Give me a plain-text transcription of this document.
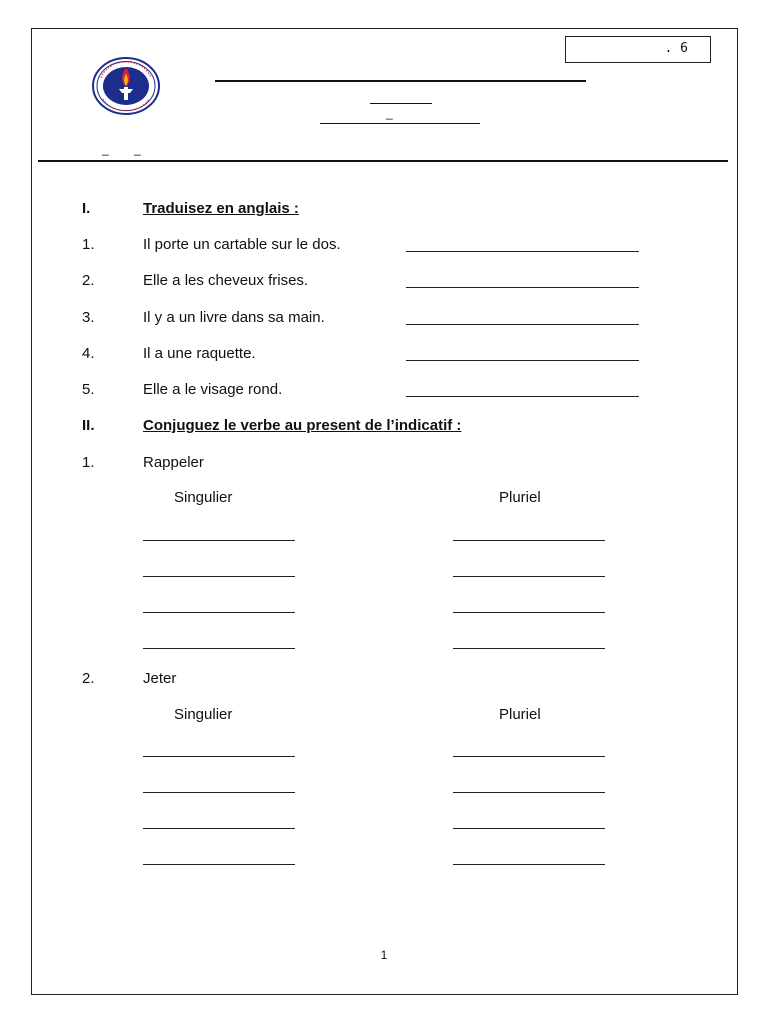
. 6
_
_ _
I.	Traduisez en anglais :
1.	Il porte un cartable sur le dos.
2.	Elle a les cheveux frises.
3.	Il y a un livre dans sa main.
4.	Il a une raquette.
5.	Elle a le visage rond.
II.	Conjuguez le verbe au present de l’indicatif :
1.	Rappeler
Singulier	Pluriel
2.	Jeter
Singulier	Pluriel
1
